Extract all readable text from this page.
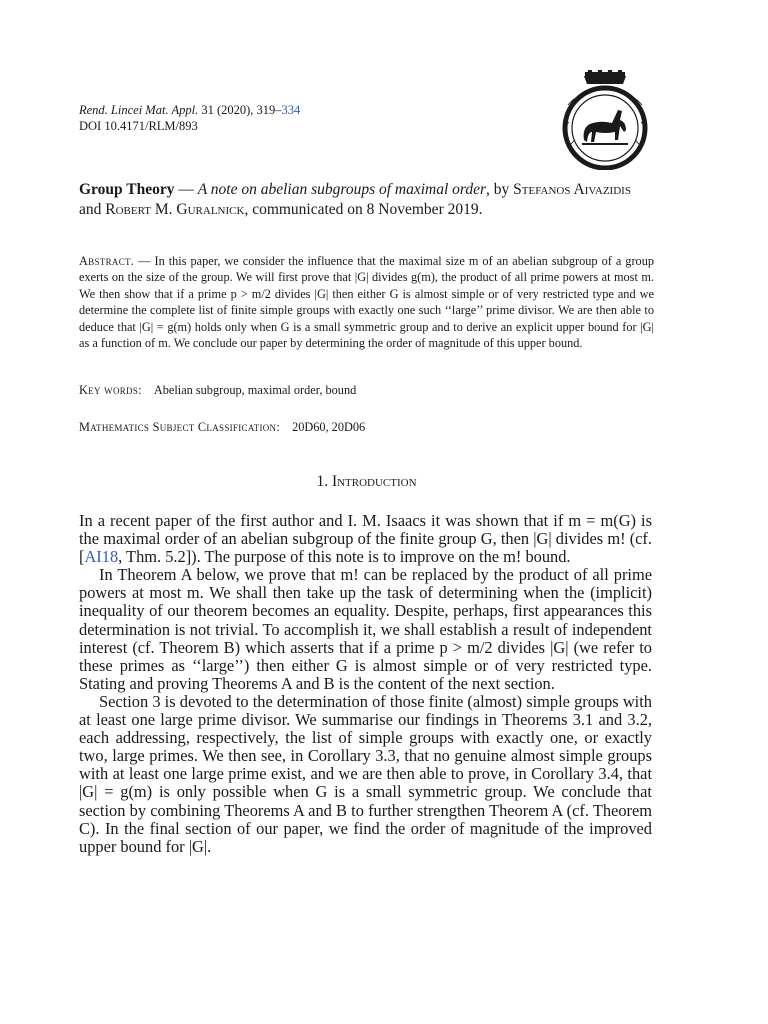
Rend. Lincei Mat. Appl. 31 (2020), 319–334
DOI 10.4171/RLM/893
Group Theory — A note on abelian subgroups of maximal order, by Stefanos Aivazidis and Robert M. Guralnick, communicated on 8 November 2019.
Abstract. — In this paper, we consider the influence that the maximal size m of an abelian subgroup of a group exerts on the size of the group. We will first prove that |G| divides g(m), the product of all prime powers at most m. We then show that if a prime p > m/2 divides |G| then either G is almost simple or of very restricted type and we determine the complete list of finite simple groups with exactly one such ‘‘large’’ prime divisor. We are then able to deduce that |G| = g(m) holds only when G is a small symmetric group and to derive an explicit upper bound for |G| as a function of m. We conclude our paper by determining the order of magnitude of this upper bound.
Key words: Abelian subgroup, maximal order, bound
Mathematics Subject Classification: 20D60, 20D06
1. Introduction

In a recent paper of the first author and I. M. Isaacs it was shown that if m = m(G) is the maximal order of an abelian subgroup of the finite group G, then |G| divides m! (cf. [AI18, Thm. 5.2]). The purpose of this note is to improve on the m! bound.

In Theorem A below, we prove that m! can be replaced by the product of all prime powers at most m. We shall then take up the task of determining when the (implicit) inequality of our theorem becomes an equality. Despite, perhaps, first appearances this determination is not trivial. To accomplish it, we shall establish a result of independent interest (cf. Theorem B) which asserts that if a prime p > m/2 divides |G| (we refer to these primes as ‘‘large’’) then either G is almost simple or of very restricted type. Stating and proving Theorems A and B is the content of the next section.

Section 3 is devoted to the determination of those finite (almost) simple groups with at least one large prime divisor. We summarise our findings in Theorems 3.1 and 3.2, each addressing, respectively, the list of simple groups with exactly one, or exactly two, large primes. We then see, in Corollary 3.3, that no genuine almost simple groups with at least one large prime exist, and we are then able to prove, in Corollary 3.4, that |G| = g(m) is only possible when G is a small symmetric group. We conclude that section by combining Theorems A and B to further strengthen Theorem A (cf. Theorem C). In the final section of our paper, we find the order of magnitude of the improved upper bound for |G|.
